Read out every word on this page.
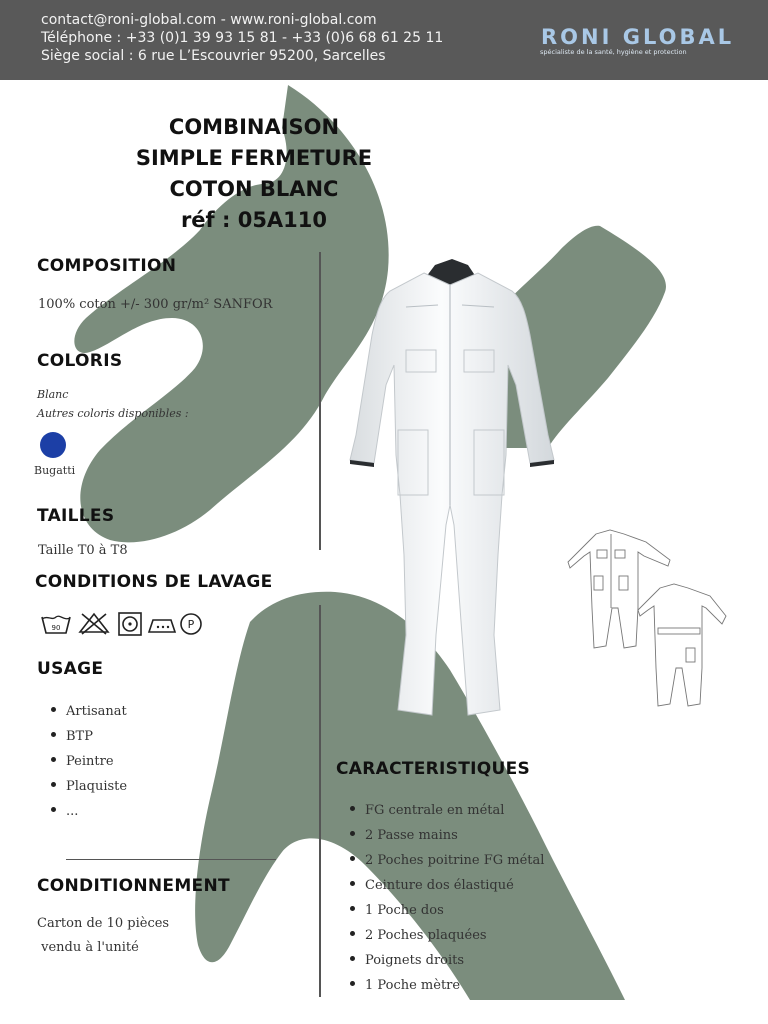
contact@roni-global.com - www.roni-global.com
Téléphone : +33 (0)1 39 93 15 81 - +33 (0)6 68 61 25 11
Siège social : 6 rue L’Escouvrier 95200, Sarcelles
RONI GLOBAL
spécialiste de la santé, hygiène et protection
COMBINAISON
SIMPLE FERMETURE
COTON BLANC
réf : 05A110
COMPOSITION
100% coton +/- 300 gr/m² SANFOR
COLORIS
Blanc
Autres coloris disponibles :
Bugatti
TAILLES
Taille T0 à T8
CONDITIONS DE LAVAGE
90	P
USAGE
Artisanat
BTP
Peintre
Plaquiste
...
CONDITIONNEMENT
Carton de 10 pièces
vendu à l'unité
CARACTERISTIQUES
FG centrale en métal
2 Passe mains
2 Poches poitrine FG métal
Ceinture dos élastiqué
1 Poche dos
2 Poches plaquées
Poignets droits
1 Poche mètre
